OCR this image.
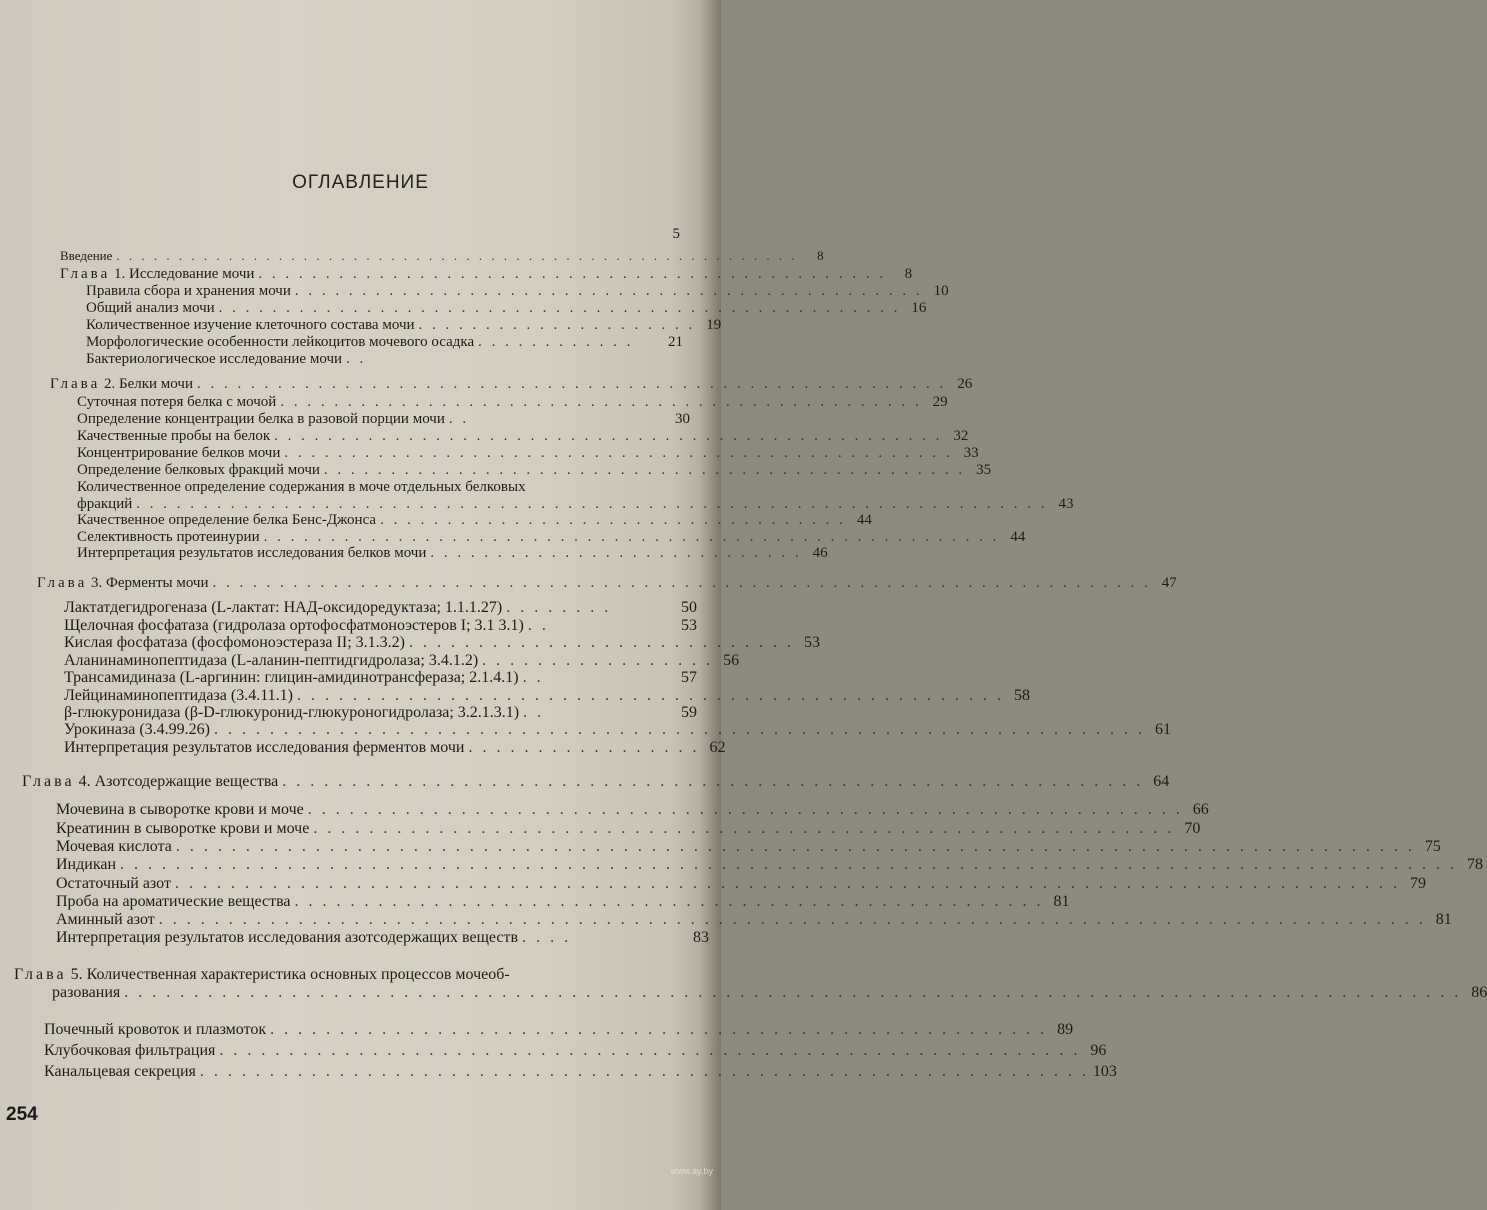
ОГЛАВЛЕНИЕ
5
Введение . . . . . . . . . . . . . . . . . . . . . . . . . . . . . . . . . . . . . . . . . . . . . . . . . . . . . . .	8
Глава 1. Исследование мочи . . . . . . . . . . . . . . . . . . . . . . . . . . . . . . . . . . . . . . . . . . . . . . .	8
Правила сбора и хранения мочи . . . . . . . . . . . . . . . . . . . . . . . . . . . . . . . . . . . . . . . . . . . . . . . 10
Общий анализ мочи . . . . . . . . . . . . . . . . . . . . . . . . . . . . . . . . . . . . . . . . . . . . . . . . . . . 16
Количественное изучение клеточного состава мочи . . . . . . . . . . . . . . . . . . . . . 19
Морфологические особенности лейкоцитов мочевого осадка . . . . . . . . . . . .	21
Бактериологическое исследование мочи . .
Глава 2. Белки мочи . . . . . . . . . . . . . . . . . . . . . . . . . . . . . . . . . . . . . . . . . . . . . . . . . . . . . . . . 26
Суточная потеря белка с мочой . . . . . . . . . . . . . . . . . . . . . . . . . . . . . . . . . . . . . . . . . . . . . . . . 29
Определение концентрации белка в разовой порции мочи . .	30
Качественные пробы на белок . . . . . . . . . . . . . . . . . . . . . . . . . . . . . . . . . . . . . . . . . . . . . . . . . . 32
Концентрирование белков мочи . . . . . . . . . . . . . . . . . . . . . . . . . . . . . . . . . . . . . . . . . . . . . . . . . . 33
Определение белковых фракций мочи . . . . . . . . . . . . . . . . . . . . . . . . . . . . . . . . . . . . . . . . . . . . . . . . 35
Количественное определение содержания в моче отдельных белковых
фракций . . . . . . . . . . . . . . . . . . . . . . . . . . . . . . . . . . . . . . . . . . . . . . . . . . . . . . . . . . . . . . . . . . . . 43
Качественное определение белка Бенс-Джонса . . . . . . . . . . . . . . . . . . . . . . . . . . . . . . . . . . . 44
Селективность протеинурии . . . . . . . . . . . . . . . . . . . . . . . . . . . . . . . . . . . . . . . . . . . . . . . . . . . . . . . 44
Интерпретация результатов исследования белков мочи . . . . . . . . . . . . . . . . . . . . . . . . . . . . 46
Глава 3. Ферменты мочи . . . . . . . . . . . . . . . . . . . . . . . . . . . . . . . . . . . . . . . . . . . . . . . . . . . . . . . . . . . . . . . . . . . . . . 47
Лактатдегидрогеназа (L-лактат: НАД-оксидоредуктаза; 1.1.1.27) . . . . . . . .	50
Щелочная фосфатаза (гидролаза ортофосфатмоноэстеров I; 3.1 3.1) . .	53
Кислая фосфатаза (фосфомоноэстераза II; 3.1.3.2) . . . . . . . . . . . . . . . . . . . . . . . . . . . . 53
Аланинаминопептидаза (L-аланин-пептидгидролаза; 3.4.1.2) . . . . . . . . . . . . . . . . . 56
Трансамидиназа (L-аргинин: глицин-амидинотрансфераза; 2.1.4.1) . .	57
Лейцинаминопептидаза (3.4.11.1) . . . . . . . . . . . . . . . . . . . . . . . . . . . . . . . . . . . . . . . . . . . . . . . . . . . 58
β-глюкуронидаза (β-D-глюкуронид-глюкуроногидролаза; 3.2.1.3.1) . .	59
Урокиназа (3.4.99.26) . . . . . . . . . . . . . . . . . . . . . . . . . . . . . . . . . . . . . . . . . . . . . . . . . . . . . . . . . . . . . . . . . . . 61
Интерпретация результатов исследования ферментов мочи . . . . . . . . . . . . . . . . . 62
Глава 4. Азотсодержащие вещества . . . . . . . . . . . . . . . . . . . . . . . . . . . . . . . . . . . . . . . . . . . . . . . . . . . . . . . . . . . . . . 64
Мочевина в сыворотке крови и моче . . . . . . . . . . . . . . . . . . . . . . . . . . . . . . . . . . . . . . . . . . . . . . . . . . . . . . . . . . . . . . . 66
Креатинин в сыворотке крови и моче . . . . . . . . . . . . . . . . . . . . . . . . . . . . . . . . . . . . . . . . . . . . . . . . . . . . . . . . . . . . . . 70
Мочевая кислота . . . . . . . . . . . . . . . . . . . . . . . . . . . . . . . . . . . . . . . . . . . . . . . . . . . . . . . . . . . . . . . . . . . . . . . . . . . . . . . . . . . . . . . . . 75
Индикан . . . . . . . . . . . . . . . . . . . . . . . . . . . . . . . . . . . . . . . . . . . . . . . . . . . . . . . . . . . . . . . . . . . . . . . . . . . . . . . . . . . . . . . . . . . . . . . . 78
Остаточный азот . . . . . . . . . . . . . . . . . . . . . . . . . . . . . . . . . . . . . . . . . . . . . . . . . . . . . . . . . . . . . . . . . . . . . . . . . . . . . . . . . . . . . . . . 79
Проба на ароматические вещества . . . . . . . . . . . . . . . . . . . . . . . . . . . . . . . . . . . . . . . . . . . . . . . . . . . . . . 81
Аминный азот . . . . . . . . . . . . . . . . . . . . . . . . . . . . . . . . . . . . . . . . . . . . . . . . . . . . . . . . . . . . . . . . . . . . . . . . . . . . . . . . . . . . . . . . . . . 81
Интерпретация результатов исследования азотсодержащих веществ . . . .	83
Глава 5. Количественная характеристика основных процессов мочеоб-
разования . . . . . . . . . . . . . . . . . . . . . . . . . . . . . . . . . . . . . . . . . . . . . . . . . . . . . . . . . . . . . . . . . . . . . . . . . . . . . . . . . . . . . . . . . . . . . . . . 86
Почечный кровоток и плазмоток . . . . . . . . . . . . . . . . . . . . . . . . . . . . . . . . . . . . . . . . . . . . . . . . . . . . . . . . 89
Клубочковая фильтрация . . . . . . . . . . . . . . . . . . . . . . . . . . . . . . . . . . . . . . . . . . . . . . . . . . . . . . . . . . . . . . 96
Канальцевая секреция . . . . . . . . . . . . . . . . . . . . . . . . . . . . . . . . . . . . . . . . . . . . . . . . . . . . . . . . . . . . . . . . 103
254
www.ay.by
